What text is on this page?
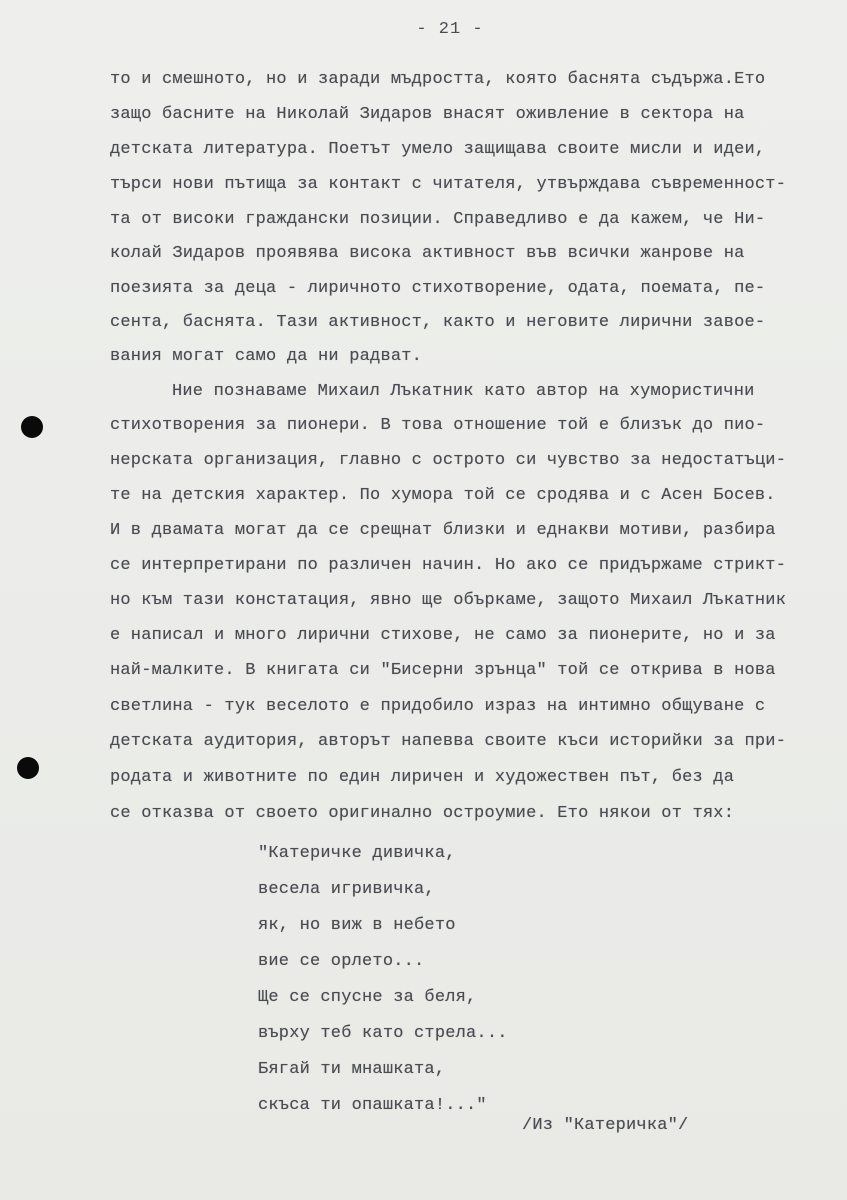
- 21 -
то и смешното, но и заради мъдростта, която баснята съдържа.Ето
защо басните на Николай Зидаров внасят оживление в сектора на
детската литература. Поетът умело защищава своите мисли и идеи,
търси нови пътища за контакт с читателя, утвърждава съвременност-
та от високи граждански позиции. Справедливо е да кажем, че Ни-
колай Зидаров проявява висока активност във всички жанрове на
поезията за деца - лиричното стихотворение, одата, поемата, пе-
сента, баснята. Тази активност, както и неговите лирични завое-
вания могат само да ни радват.
Ние познаваме Михаил Лъкатник като автор на хумористични
стихотворения за пионери. В това отношение той е близък до пио-
нерската организация, главно с острото си чувство за недостатъци-
те на детския характер. По хумора той се сродява и с Асен Босев.
И в двамата могат да се срещнат близки и еднакви мотиви, разбира
се интерпретирани по различен начин. Но ако се придържаме стрикт-
но към тази констатация, явно ще объркаме, защото Михаил Лъкатник
е написал и много лирични стихове, не само за пионерите, но и за
най-малките. В книгата си "Бисерни зрънца" той се открива в нова
светлина - тук веселото е придобило израз на интимно общуване с
детската аудитория, авторът напевва своите къси историйки за при-
родата и животните по един лиричен и художествен път, без да
се отказва от своето оригинално остроумие. Ето някои от тях:
"Катеричке дивичка,
весела игривичка,
як, но виж в небето
вие се орлето...
Ще се спусне за беля,
върху теб като стрела...
Бягай ти мнашката,
скъса ти опашката!..."
/Из "Катеричка"/
